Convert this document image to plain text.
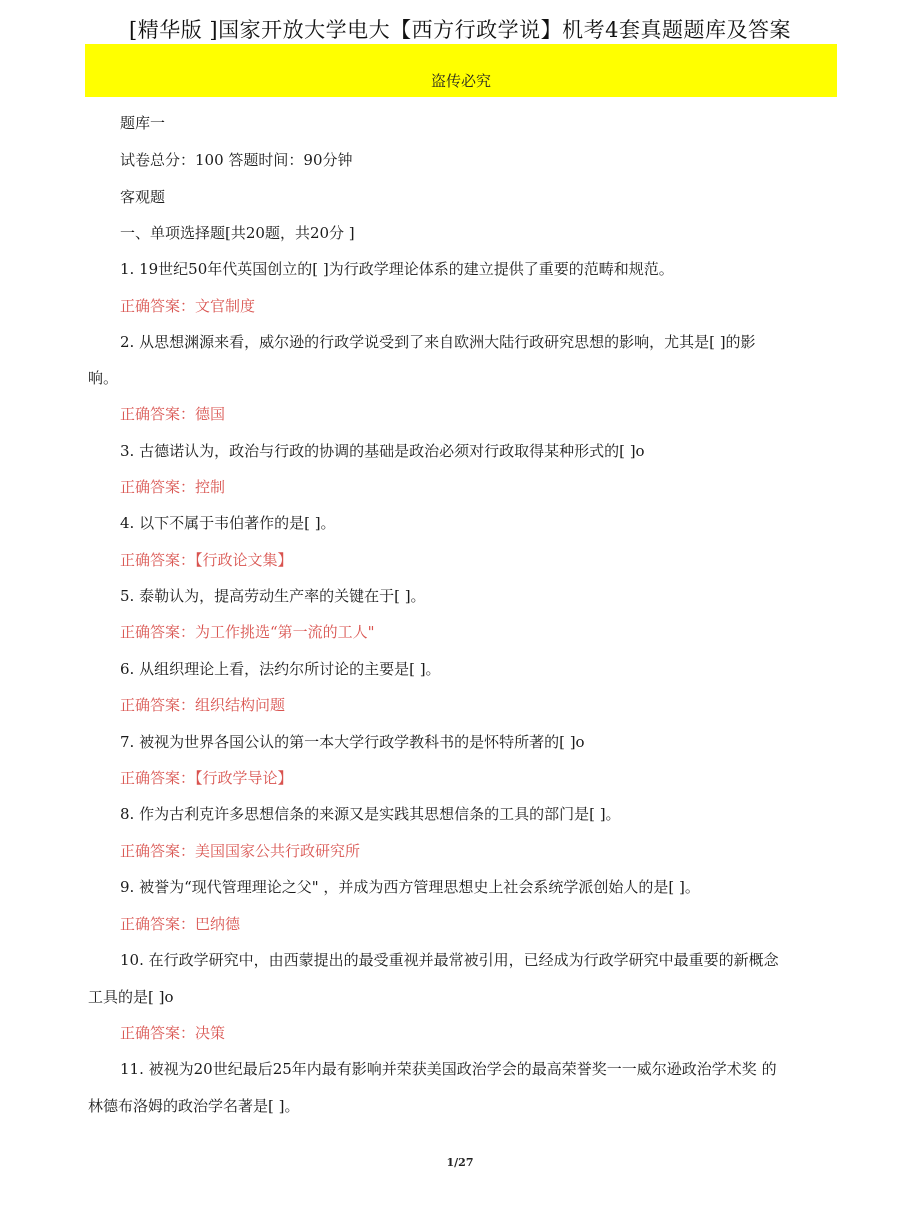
[精华版 ]国家开放大学电大【西方行政学说】机考4套真题题库及答案
盗传必究
题库一
试卷总分：100 答题时间：90分钟
客观题
一、单项选择题[共20题，共20分 ]
1. 19世纪50年代英国创立的[ ]为行政学理论体系的建立提供了重要的范畴和规范。
正确答案：文官制度
2. 从思想渊源来看，威尔逊的行政学说受到了来自欧洲大陆行政研究思想的影响，尤其是[ ]的影
响。
正确答案：德国
3. 古德诺认为，政治与行政的协调的基础是政治必须对行政取得某种形式的[ ]o
正确答案：控制
4. 以下不属于韦伯著作的是[ ]。
正确答案：【行政论文集】
5. 泰勒认为，提高劳动生产率的关键在于[ ]。
正确答案：为工作挑选“第一流的工人"
6. 从组织理论上看，法约尔所讨论的主要是[ ]。
正确答案：组织结构问题
7. 被视为世界各国公认的第一本大学行政学教科书的是怀特所著的[ ]o
正确答案：【行政学导论】
8. 作为古利克许多思想信条的来源又是实践其思想信条的工具的部门是[ ]。
正确答案：美国国家公共行政研究所
9. 被誉为“现代管理理论之父" ，并成为西方管理思想史上社会系统学派创始人的是[ ]。
正确答案：巴纳德
10. 在行政学研究中，由西蒙提出的最受重视并最常被引用，已经成为行政学研究中最重要的新概念
工具的是[ ]o
正确答案：决策
11. 被视为20世纪最后25年内最有影响并荣获美国政治学会的最高荣誉奖一一威尔逊政治学术奖 的
林德布洛姆的政治学名著是[ ]。
1/27
